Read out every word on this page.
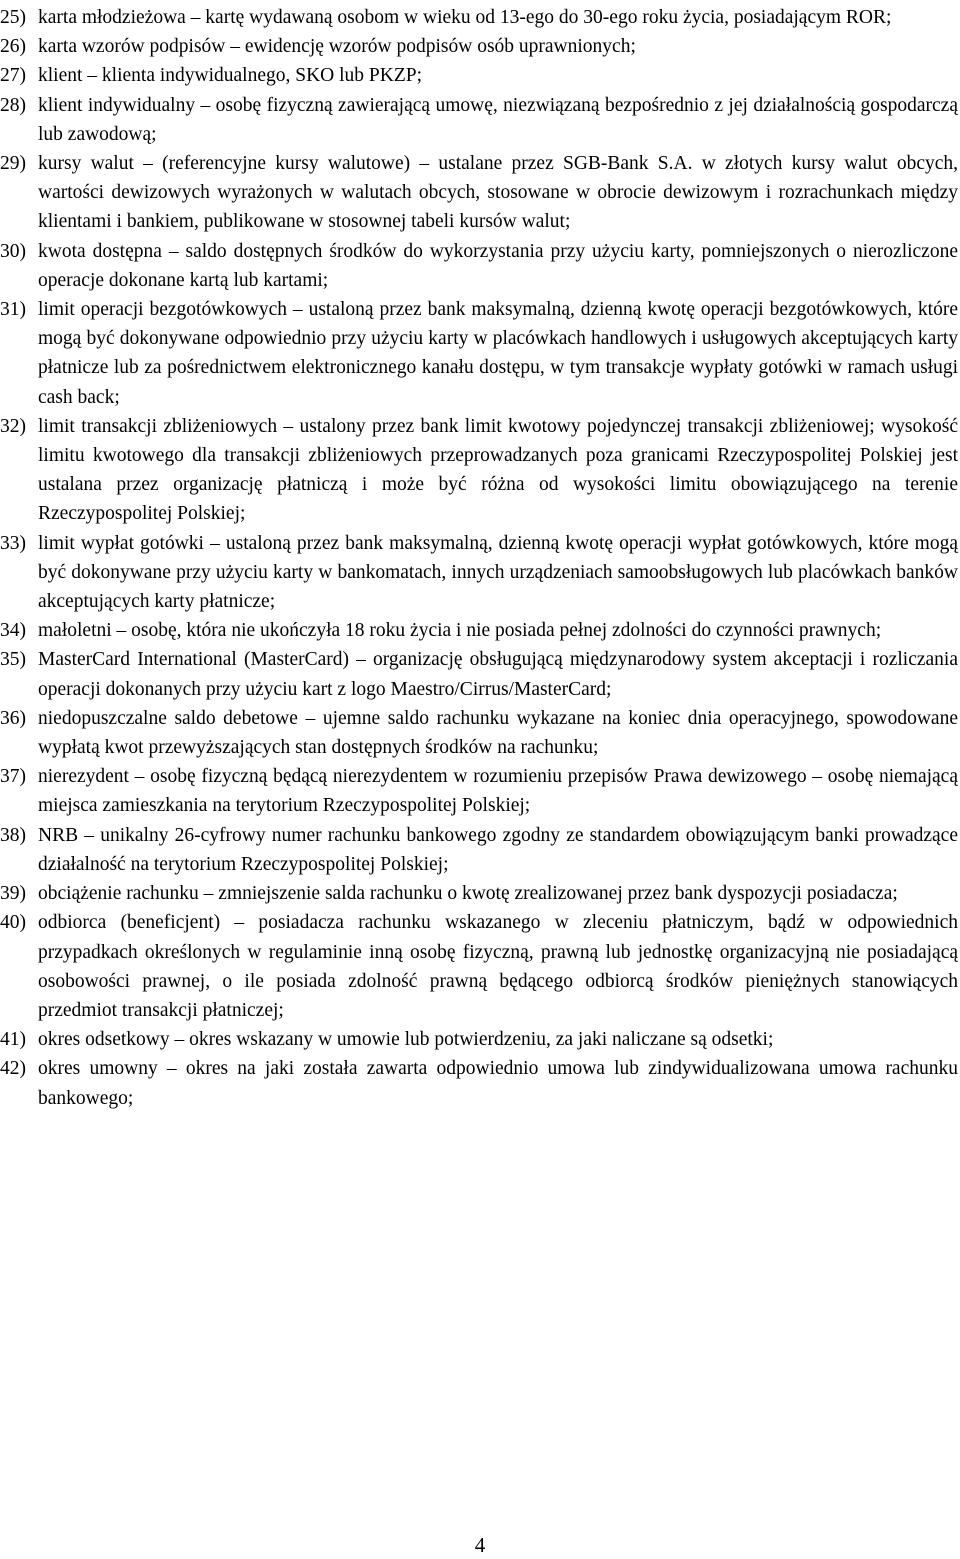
25) karta młodzieżowa – kartę wydawaną osobom w wieku od 13-ego do 30-ego roku życia, posiadającym ROR;
26) karta wzorów podpisów – ewidencję wzorów podpisów osób uprawnionych;
27) klient – klienta indywidualnego, SKO lub PKZP;
28) klient indywidualny – osobę fizyczną zawierającą umowę, niezwiązaną bezpośrednio z jej działalnością gospodarczą lub zawodową;
29) kursy walut – (referencyjne kursy walutowe) – ustalane przez SGB-Bank S.A. w złotych kursy walut obcych, wartości dewizowych wyrażonych w walutach obcych, stosowane w obrocie dewizowym i rozrachunkach między klientami i bankiem, publikowane w stosownej tabeli kursów walut;
30) kwota dostępna – saldo dostępnych środków do wykorzystania przy użyciu karty, pomniejszonych o nierozliczone operacje dokonane kartą lub kartami;
31) limit operacji bezgotówkowych – ustaloną przez bank maksymalną, dzienną kwotę operacji bezgotówkowych, które mogą być dokonywane odpowiednio przy użyciu karty w placówkach handlowych i usługowych akceptujących karty płatnicze lub za pośrednictwem elektronicznego kanału dostępu, w tym transakcje wypłaty gotówki w ramach usługi cash back;
32) limit transakcji zbliżeniowych – ustalony przez bank limit kwotowy pojedynczej transakcji zbliżeniowej; wysokość limitu kwotowego dla transakcji zbliżeniowych przeprowadzanych poza granicami Rzeczypospolitej Polskiej jest ustalana przez organizację płatniczą i może być różna od wysokości limitu obowiązującego na terenie Rzeczypospolitej Polskiej;
33) limit wypłat gotówki – ustaloną przez bank maksymalną, dzienną kwotę operacji wypłat gotówkowych, które mogą być dokonywane przy użyciu karty w bankomatach, innych urządzeniach samoobsługowych lub placówkach banków akceptujących karty płatnicze;
34) małoletni – osobę, która nie ukończyła 18 roku życia i nie posiada pełnej zdolności do czynności prawnych;
35) MasterCard International (MasterCard) – organizację obsługującą międzynarodowy system akceptacji i rozliczania operacji dokonanych przy użyciu kart z logo Maestro/Cirrus/MasterCard;
36) niedopuszczalne saldo debetowe – ujemne saldo rachunku wykazane na koniec dnia operacyjnego, spowodowane wypłatą kwot przewyższających stan dostępnych środków na rachunku;
37) nierezydent – osobę fizyczną będącą nierezydentem w rozumieniu przepisów Prawa dewizowego – osobę niemającą miejsca zamieszkania na terytorium Rzeczypospolitej Polskiej;
38) NRB – unikalny 26-cyfrowy numer rachunku bankowego zgodny ze standardem obowiązującym banki prowadzące działalność na terytorium Rzeczypospolitej Polskiej;
39) obciążenie rachunku – zmniejszenie salda rachunku o kwotę zrealizowanej przez bank dyspozycji posiadacza;
40) odbiorca (beneficjent) – posiadacza rachunku wskazanego w zleceniu płatniczym, bądź w odpowiednich przypadkach określonych w regulaminie inną osobę fizyczną, prawną lub jednostkę organizacyjną nie posiadającą osobowości prawnej, o ile posiada zdolność prawną będącego odbiorcą środków pieniężnych stanowiących przedmiot transakcji płatniczej;
41) okres odsetkowy – okres wskazany w umowie lub potwierdzeniu, za jaki naliczane są odsetki;
42) okres umowny – okres na jaki została zawarta odpowiednio umowa lub zindywidualizowana umowa rachunku bankowego;
4
